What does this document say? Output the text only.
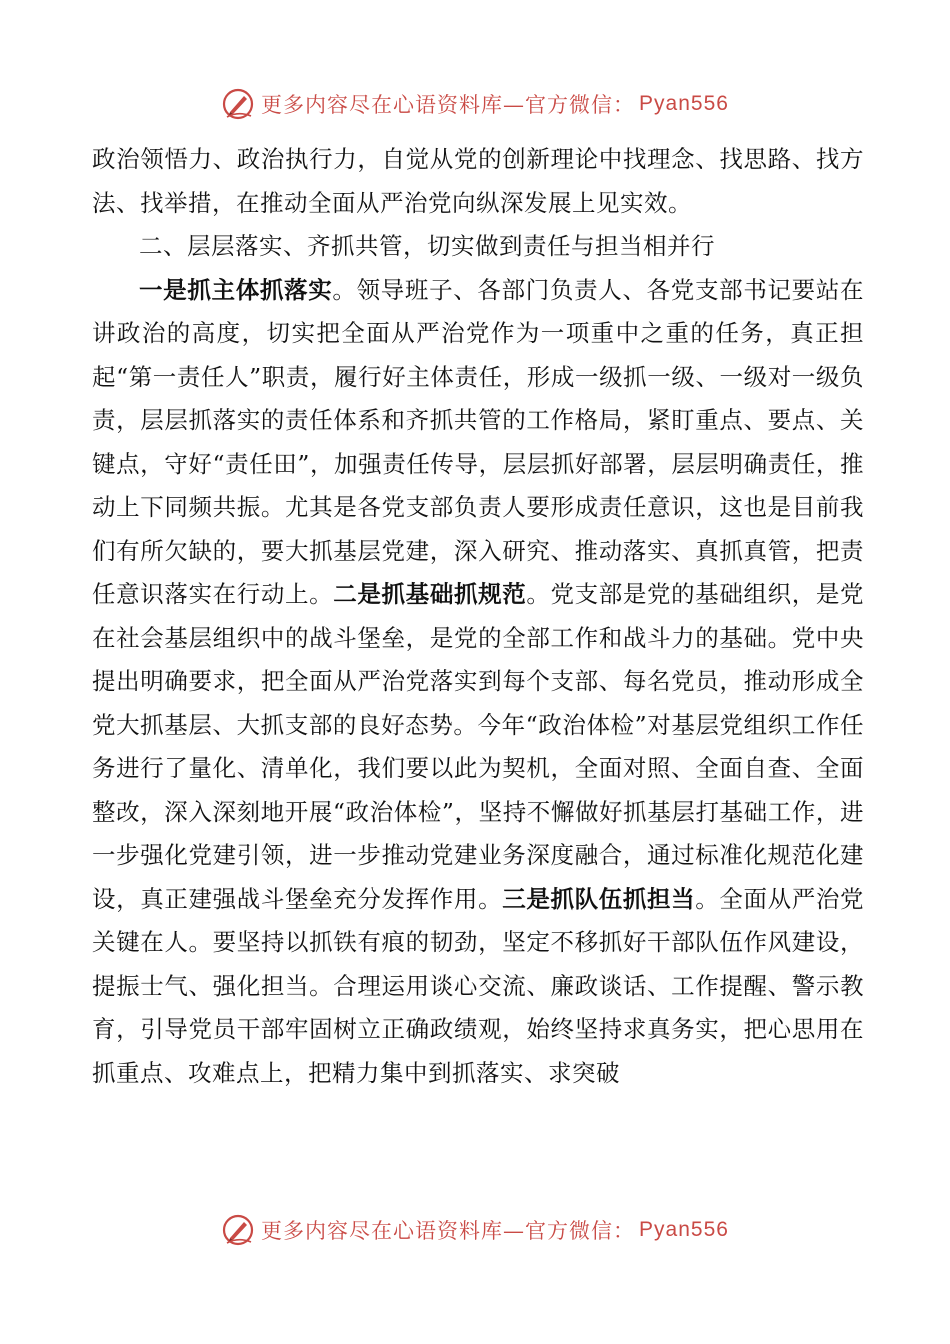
更多内容尽在心语资料库—官方微信： Pyan556

政治领悟力、政治执行力，自觉从党的创新理论中找理念、找思路、找方法、找举措，在推动全面从严治党向纵深发展上见实效。

二、层层落实、齐抓共管，切实做到责任与担当相并行

一是抓主体抓落实。领导班子、各部门负责人、各党支部书记要站在讲政治的高度，切实把全面从严治党作为一项重中之重的任务，真正担起“第一责任人”职责，履行好主体责任，形成一级抓一级、一级对一级负责，层层抓落实的责任体系和齐抓共管的工作格局，紧盯重点、要点、关键点，守好“责任田”，加强责任传导，层层抓好部署，层层明确责任，推动上下同频共振。尤其是各党支部负责人要形成责任意识，这也是目前我们有所欠缺的，要大抓基层党建，深入研究、推动落实、真抓真管，把责任意识落实在行动上。二是抓基础抓规范。党支部是党的基础组织，是党在社会基层组织中的战斗堡垒，是党的全部工作和战斗力的基础。党中央提出明确要求，把全面从严治党落实到每个支部、每名党员，推动形成全党大抓基层、大抓支部的良好态势。今年“政治体检”对基层党组织工作任务进行了量化、清单化，我们要以此为契机，全面对照、全面自查、全面整改，深入深刻地开展“政治体检”，坚持不懈做好抓基层打基础工作，进一步强化党建引领，进一步推动党建业务深度融合，通过标准化规范化建设，真正建强战斗堡垒充分发挥作用。三是抓队伍抓担当。全面从严治党关键在人。要坚持以抓铁有痕的韧劲，坚定不移抓好干部队伍作风建设，提振士气、强化担当。合理运用谈心交流、廉政谈话、工作提醒、警示教育，引导党员干部牢固树立正确政绩观，始终坚持求真务实，把心思用在抓重点、攻难点上，把精力集中到抓落实、求突破

更多内容尽在心语资料库—官方微信： Pyan556
